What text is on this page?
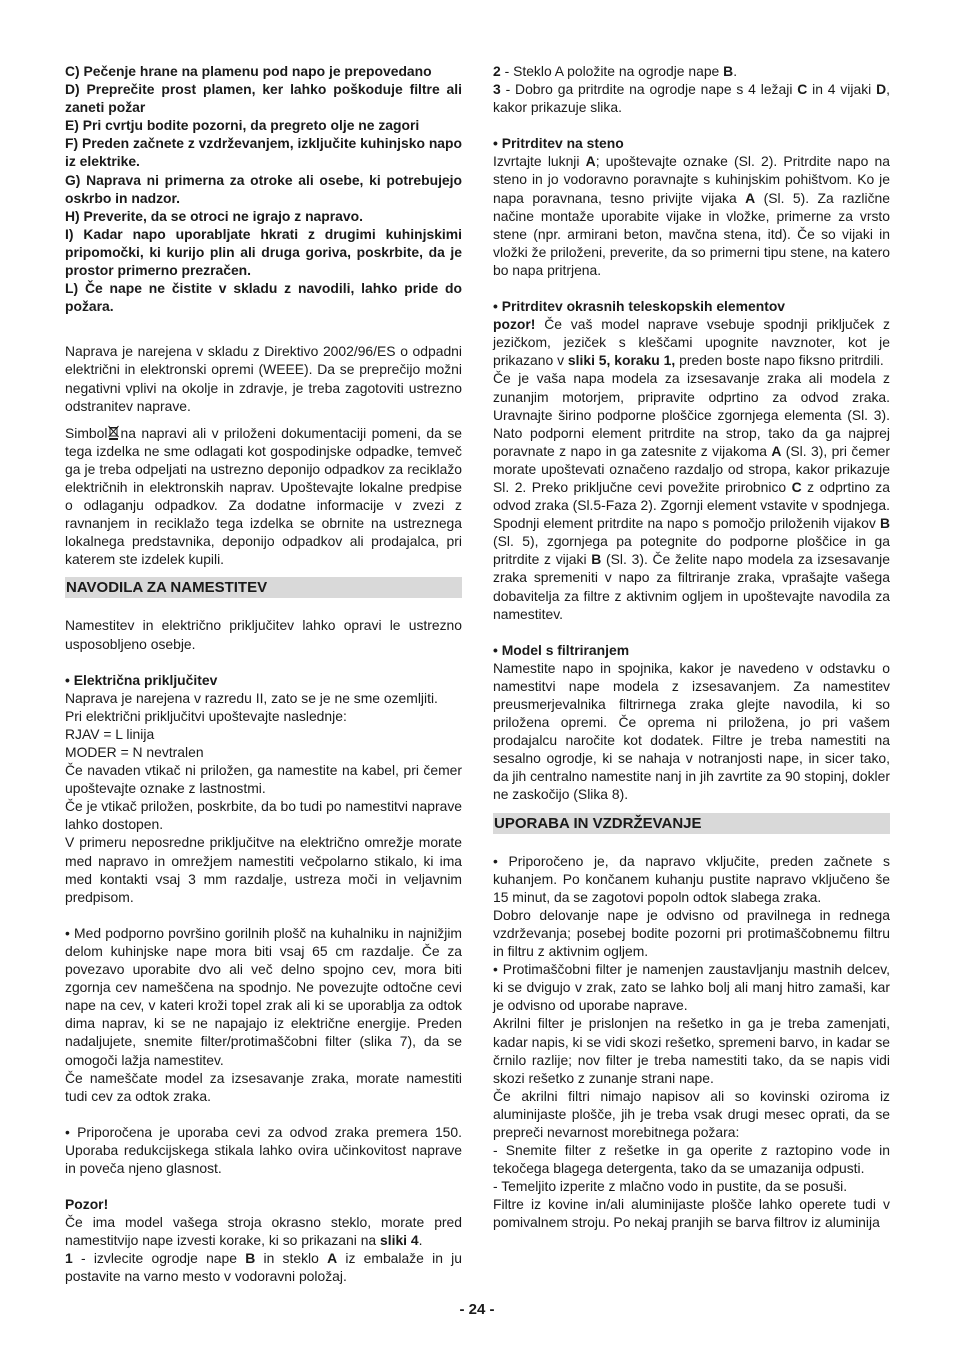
C) Pečenje hrane na plamenu pod napo je prepovedano

D) Preprečite prost plamen, ker lahko poškoduje filtre ali zaneti požar

E) Pri cvrtju bodite pozorni, da pregreto olje ne zagori

F) Preden začnete z vzdrževanjem, izključite kuhinjsko napo iz elektrike.

G) Naprava ni primerna za otroke ali osebe, ki potrebujejo oskrbo in nadzor.

H) Preverite, da se otroci ne igrajo z napravo.

I) Kadar napo uporabljate hkrati z drugimi kuhinjskimi pripomočki, ki kurijo plin ali druga goriva, poskrbite, da je prostor primerno prezračen.

L) Če nape ne čistite v skladu z navodili, lahko pride do požara.

Naprava je narejena v skladu z Direktivo 2002/96/ES o odpadni električni in elektronski opremi (WEEE). Da se preprečijo možni negativni vplivi na okolje in zdravje, je treba zagotoviti ustrezno odstranitev naprave.

Simbol na napravi ali v priloženi dokumentaciji pomeni, da se tega izdelka ne sme odlagati kot gospodinjske odpadke, temveč ga je treba odpeljati na ustrezno deponijo odpadkov za reciklažo električnih in elektronskih naprav. Upoštevajte lokalne predpise o odlaganju odpadkov. Za dodatne informacije v zvezi z ravnanjem in reciklažo tega izdelka se obrnite na ustreznega lokalnega predstavnika, deponijo odpadkov ali prodajalca, pri katerem ste izdelek kupili.

NAVODILA ZA NAMESTITEV

Namestitev in električno priključitev lahko opravi le ustrezno usposobljeno osebje.

• Električna priključitev

Naprava je narejena v razredu II, zato se je ne sme ozemljiti.

Pri električni priključitvi upoštevajte naslednje:

RJAV = L linija

MODER = N nevtralen

Če navaden vtikač ni priložen, ga namestite na kabel, pri čemer upoštevajte oznake z lastnostmi.

Če je vtikač priložen, poskrbite, da bo tudi po namestitvi naprave lahko dostopen.

V primeru neposredne priključitve na električno omrežje morate med napravo in omrežjem namestiti večpolarno stikalo, ki ima med kontakti vsaj 3 mm razdalje, ustreza moči in veljavnim predpisom.

• Med podporno površino gorilnih plošč na kuhalniku in najnižjim delom kuhinjske nape mora biti vsaj 65 cm razdalje. Če za povezavo uporabite dvo ali več delno spojno cev, mora biti zgornja cev nameščena na spodnjo. Ne povezujte odtočne cevi nape na cev, v kateri kroži topel zrak ali ki se uporablja za odtok dima naprav, ki se ne napajajo iz električne energije. Preden nadaljujete, snemite filter/protimaščobni filter (slika 7), da se omogoči lažja namestitev.

Če nameščate model za izsesavanje zraka, morate namestiti tudi cev za odtok zraka.

• Priporočena je uporaba cevi za odvod zraka premera 150. Uporaba redukcijskega stikala lahko ovira učinkovitost naprave in poveča njeno glasnost.

Pozor!

Če ima model vašega stroja okrasno steklo, morate pred namestitvijo nape izvesti korake, ki so prikazani na sliki 4.

1 - izvlecite ogrodje nape B in steklo A iz embalaže in ju postavite na varno mesto v vodoravni položaj.

2 - Steklo A položite na ogrodje nape B.

3 - Dobro ga pritrdite na ogrodje nape s 4 ležaji C in 4 vijaki D, kakor prikazuje slika.

• Pritrditev na steno

Izvrtajte luknji A; upoštevajte oznake (Sl. 2). Pritrdite napo na steno in jo vodoravno poravnajte s kuhinjskim pohištvom. Ko je napa poravnana, tesno privijte vijaka A (Sl. 5). Za različne načine montaže uporabite vijake in vložke, primerne za vrsto stene (npr. armirani beton, mavčna stena, itd). Če so vijaki in vložki že priloženi, preverite, da so primerni tipu stene, na katero bo napa pritrjena.

• Pritrditev okrasnih teleskopskih elementov

pozor! Če vaš model naprave vsebuje spodnji priključek z jezičkom, jeziček s kleščami upognite navznoter, kot je prikazano v sliki 5, koraku 1, preden boste napo fiksno pritrdili.

Če je vaša napa modela za izsesavanje zraka ali modela z zunanjim motorjem, pripravite odprtino za odvod zraka. Uravnajte širino podporne ploščice zgornjega elementa (Sl. 3). Nato podporni element pritrdite na strop, tako da ga najprej poravnate z napo in ga zatesnite z vijakoma A (Sl. 3), pri čemer morate upoštevati označeno razdaljo od stropa, kakor prikazuje Sl. 2. Preko priključne cevi povežite prirobnico C z odprtino za odvod zraka (Sl.5-Faza 2). Zgornji element vstavite v spodnjega. Spodnji element pritrdite na napo s pomočjo priloženih vijakov B (Sl. 5), zgornjega pa potegnite do podporne ploščice in ga pritrdite z vijaki B (Sl. 3). Če želite napo modela za izsesavanje zraka spremeniti v napo za filtriranje zraka, vprašajte vašega dobavitelja za filtre z aktivnim ogljem in upoštevajte navodila za namestitev.

• Model s filtriranjem

Namestite napo in spojnika, kakor je navedeno v odstavku o namestitvi nape modela z izsesavanjem. Za namestitev preusmerjevalnika filtrirnega zraka glejte navodila, ki so priložena opremi. Če oprema ni priložena, jo pri vašem prodajalcu naročite kot dodatek. Filtre je treba namestiti na sesalno ogrodje, ki se nahaja v notranjosti nape, in sicer tako, da jih centralno namestite nanj in jih zavrtite za 90 stopinj, dokler ne zaskočijo (Slika 8).

UPORABA IN VZDRŽEVANJE

• Priporočeno je, da napravo vključite, preden začnete s kuhanjem. Po končanem kuhanju pustite napravo vključeno še 15 minut, da se zagotovi popoln odtok slabega zraka.

Dobro delovanje nape je odvisno od pravilnega in rednega vzdrževanja; posebej bodite pozorni pri protimaščobnemu filtru in filtru z aktivnim ogljem.

• Protimaščobni filter je namenjen zaustavljanju mastnih delcev, ki se dvigujo v zrak, zato se lahko bolj ali manj hitro zamaši, kar je odvisno od uporabe naprave.

Akrilni filter je prislonjen na rešetko in ga je treba zamenjati, kadar napis, ki se vidi skozi rešetko, spremeni barvo, in kadar se črnilo razlije; nov filter je treba namestiti tako, da se napis vidi skozi rešetko z zunanje strani nape.

Če akrilni filtri nimajo napisov ali so kovinski oziroma iz aluminijaste plošče, jih je treba vsak drugi mesec oprati, da se prepreči nevarnost morebitnega požara:

- Snemite filter z rešetke in ga operite z raztopino vode in tekočega blagega detergenta, tako da se umazanija odpusti.

- Temeljito izperite z mlačno vodo in pustite, da se posuši.

Filtre iz kovine in/ali aluminijaste plošče lahko operete tudi v pomivalnem stroju. Po nekaj pranjih se barva filtrov iz aluminija

- 24 -
